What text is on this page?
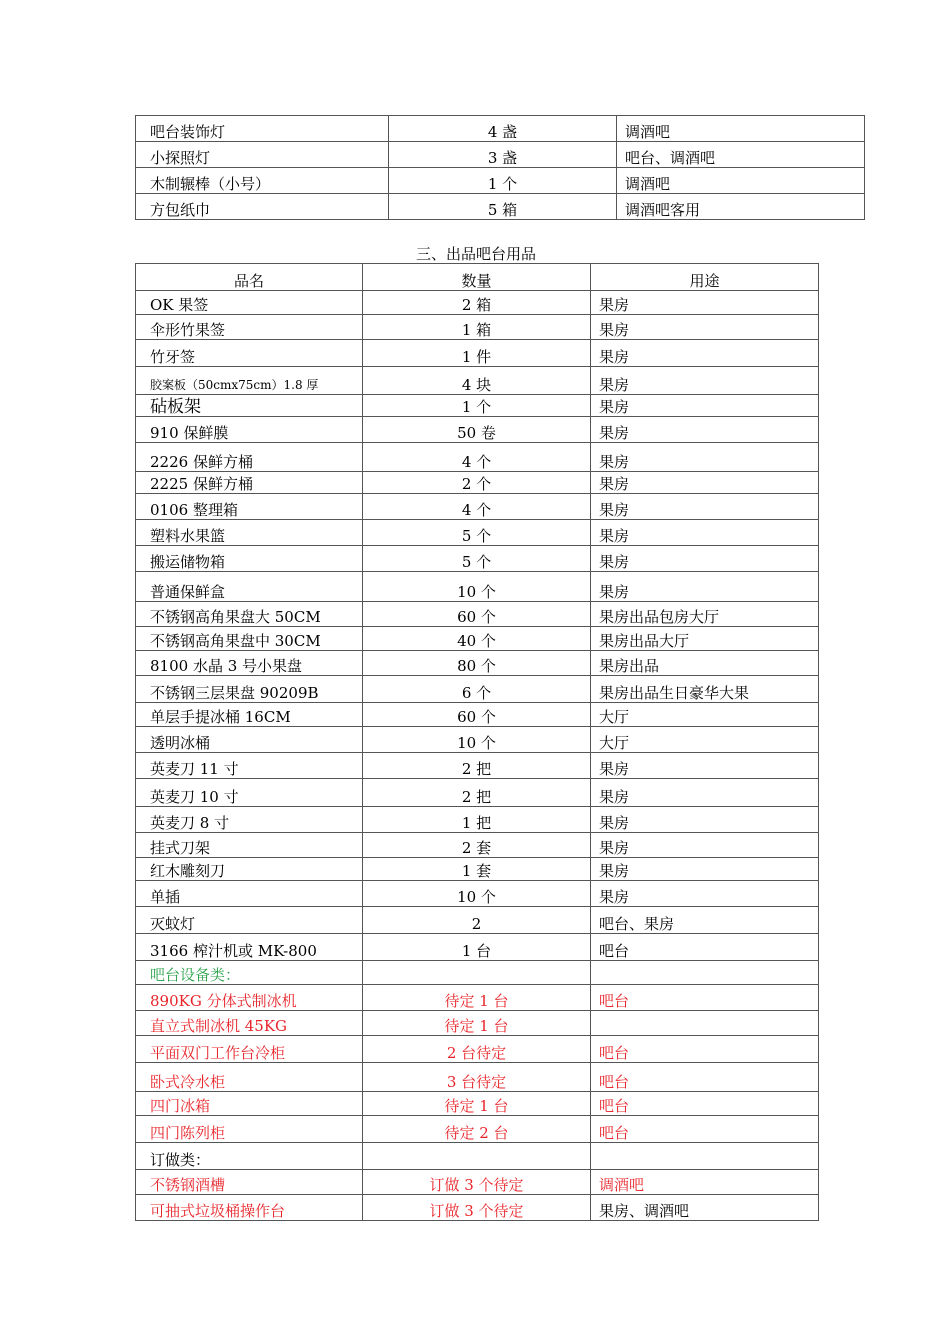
吧台装饰灯	4 盏	调酒吧
小探照灯	3 盏	吧台、调酒吧
木制辗棒（小号）	1 个	调酒吧
方包纸巾	5 箱	调酒吧客用
三、出品吧台用品
品名	数量	用途
OK 果签	2 箱	果房
伞形竹果签	1 箱	果房
竹牙签	1 件	果房
胶案板（50cmx75cm）1.8 厚	4 块	果房
砧板架	1 个	果房
910 保鲜膜	50 卷	果房
2226 保鲜方桶	4 个	果房
2225 保鲜方桶	2 个	果房
0106 整理箱	4 个	果房
塑料水果篮	5 个	果房
搬运储物箱	5 个	果房
普通保鲜盒	10 个	果房
不锈钢高角果盘大 50CM	60 个	果房出品包房大厅
不锈钢高角果盘中 30CM	40 个	果房出品大厅
8100 水晶 3 号小果盘	80 个	果房出品
不锈钢三层果盘 90209B	6 个	果房出品生日豪华大果
单层手提冰桶 16CM	60 个	大厅
透明冰桶	10 个	大厅
英麦刀 11 寸	2 把	果房
英麦刀 10 寸	2 把	果房
英麦刀 8 寸	1 把	果房
挂式刀架	2 套	果房
红木雕刻刀	1 套	果房
单插	10 个	果房
灭蚊灯	2	吧台、果房
3166 榨汁机或 MK-800	1 台	吧台
吧台设备类：		
890KG 分体式制冰机	待定 1 台	吧台
直立式制冰机 45KG	待定 1 台	
平面双门工作台冷柜	2 台待定	吧台
卧式冷水柜	3 台待定	吧台
四门冰箱	待定 1 台	吧台
四门陈列柜	待定 2 台	吧台
订做类：		
不锈钢酒槽	订做 3 个待定	调酒吧
可抽式垃圾桶操作台	订做 3 个待定	果房、调酒吧
